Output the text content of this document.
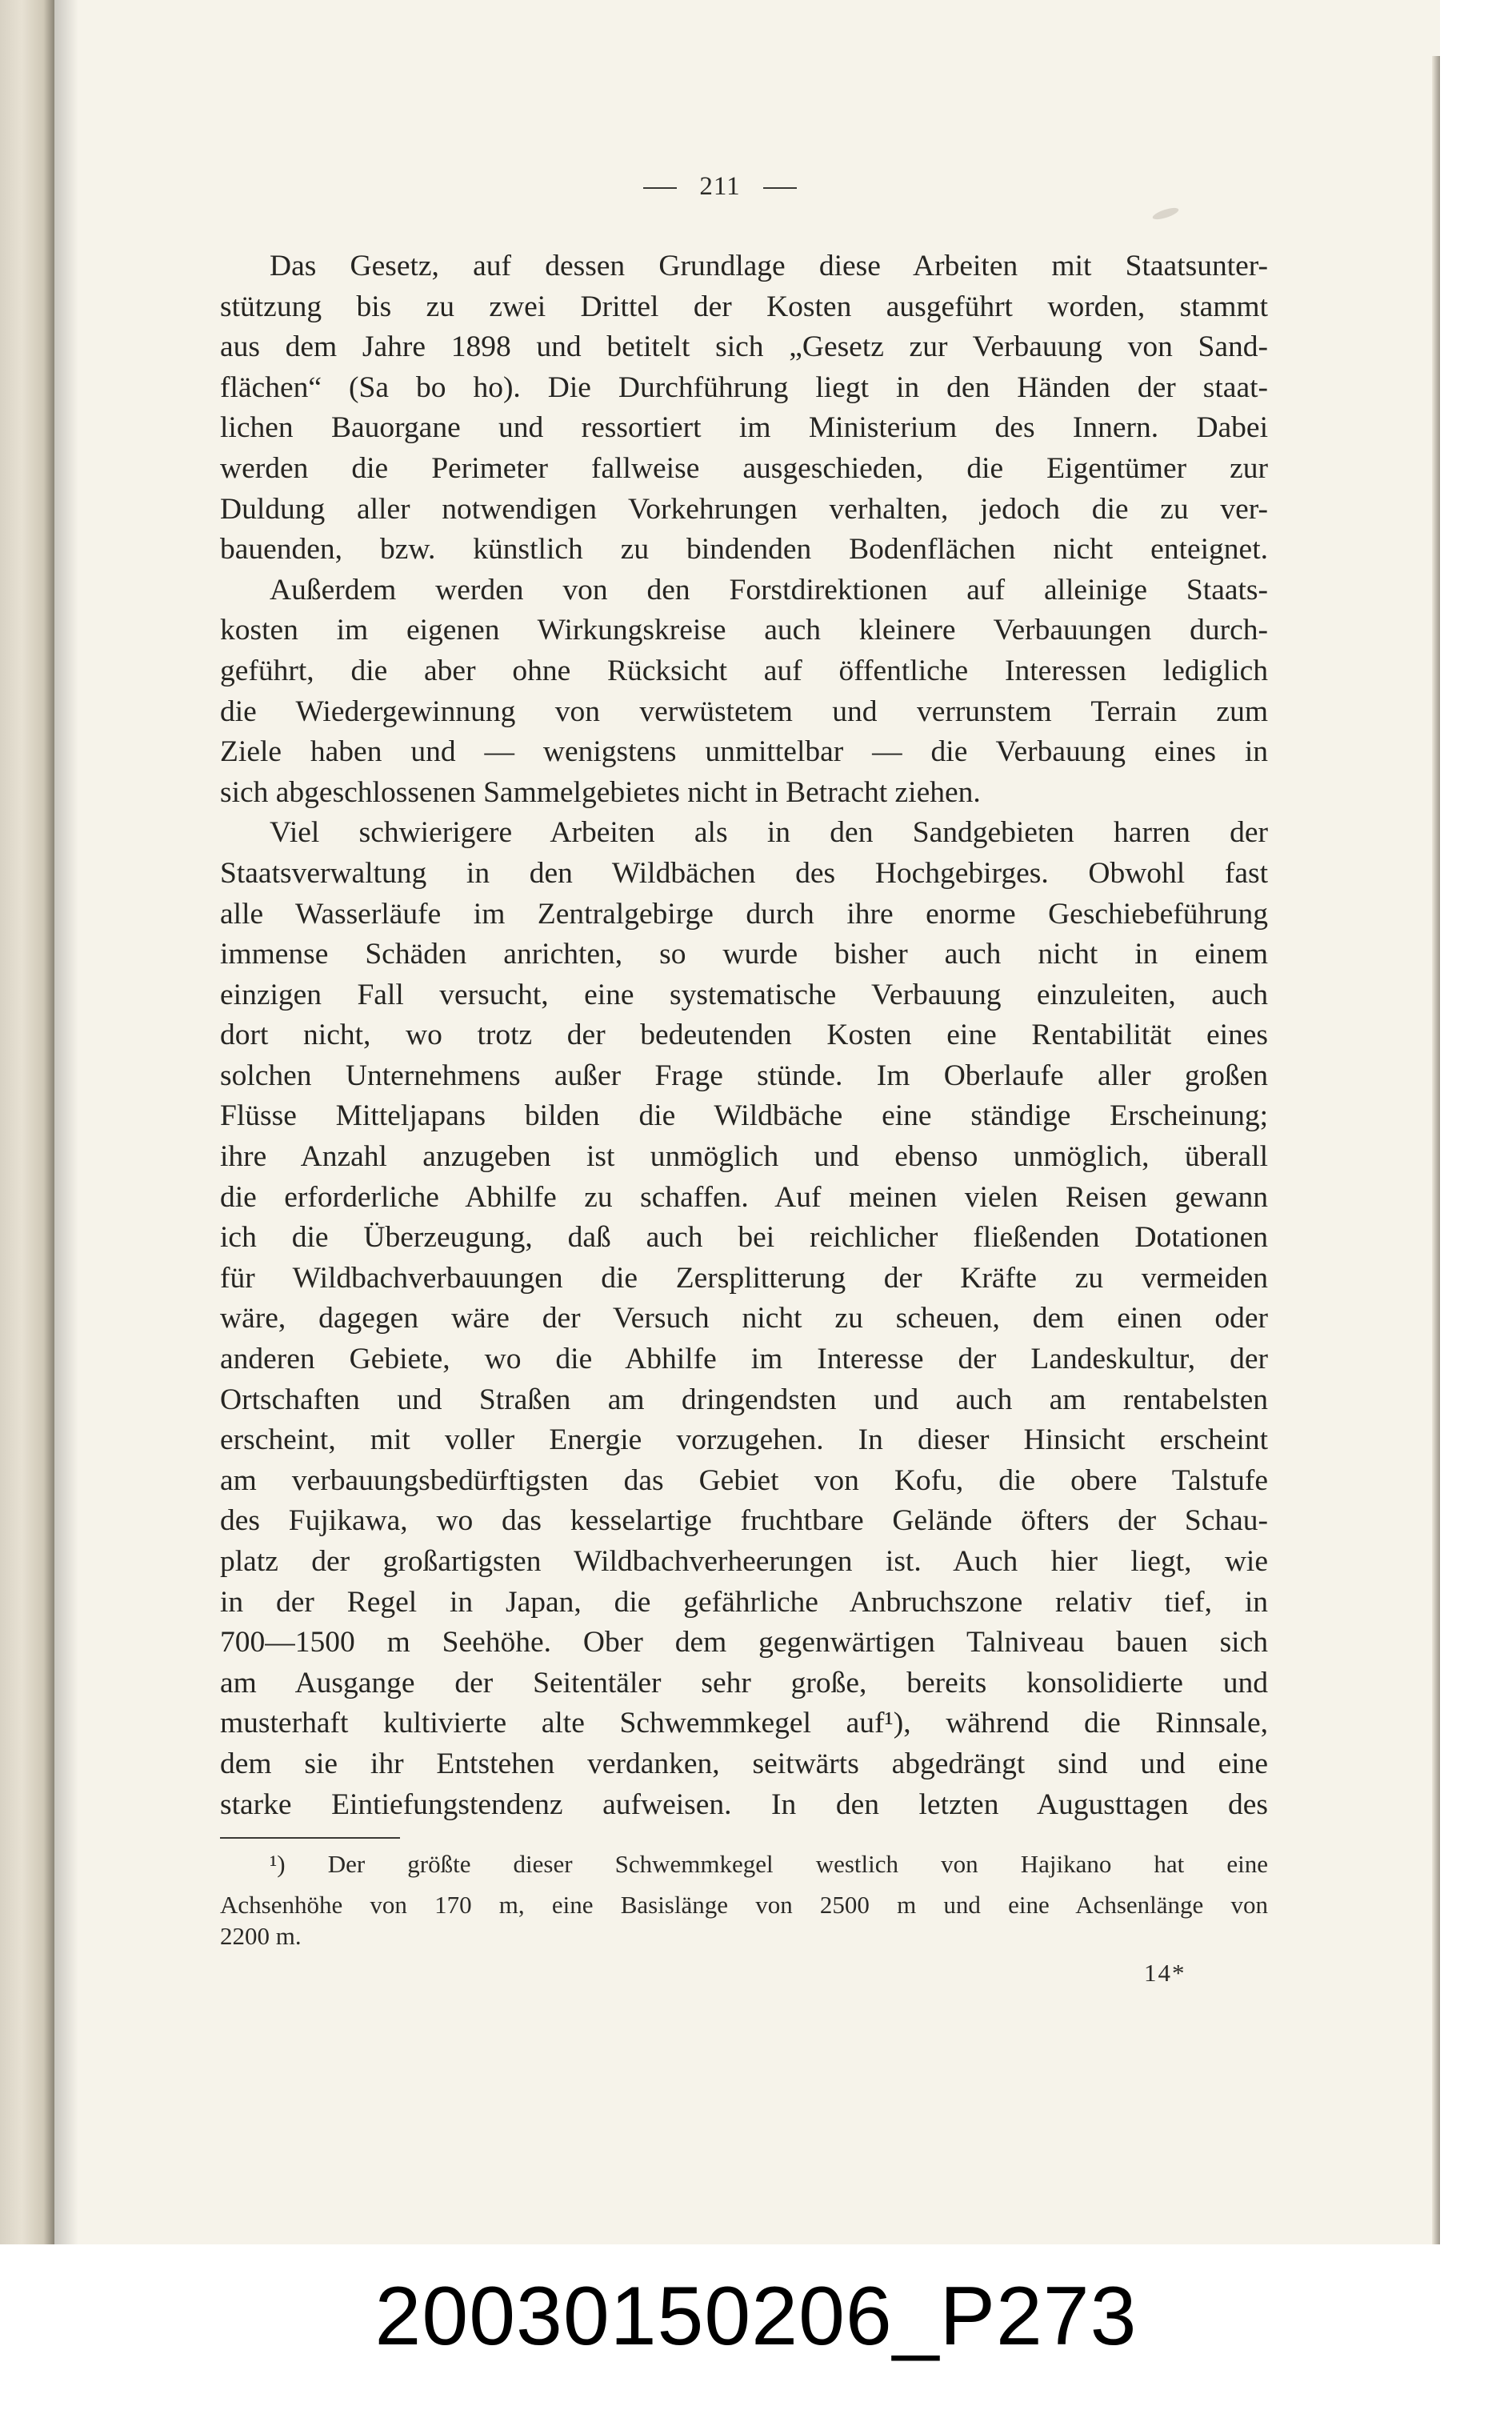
211
Das Gesetz, auf dessen Grundlage diese Arbeiten mit Staatsunter-
stützung bis zu zwei Drittel der Kosten ausgeführt worden, stammt
aus dem Jahre 1898 und betitelt sich „Gesetz zur Verbauung von Sand-
flächen“ (Sa bo ho). Die Durchführung liegt in den Händen der staat-
lichen Bauorgane und ressortiert im Ministerium des Innern. Dabei
werden die Perimeter fallweise ausgeschieden, die Eigentümer zur
Duldung aller notwendigen Vorkehrungen verhalten, jedoch die zu ver-
bauenden, bzw. künstlich zu bindenden Bodenflächen nicht enteignet.
Außerdem werden von den Forstdirektionen auf alleinige Staats-
kosten im eigenen Wirkungskreise auch kleinere Verbauungen durch-
geführt, die aber ohne Rücksicht auf öffentliche Interessen lediglich
die Wiedergewinnung von verwüstetem und verrunstem Terrain zum
Ziele haben und — wenigstens unmittelbar — die Verbauung eines in
sich abgeschlossenen Sammelgebietes nicht in Betracht ziehen.
Viel schwierigere Arbeiten als in den Sandgebieten harren der
Staatsverwaltung in den Wildbächen des Hochgebirges. Obwohl fast
alle Wasserläufe im Zentralgebirge durch ihre enorme Geschiebeführung
immense Schäden anrichten, so wurde bisher auch nicht in einem
einzigen Fall versucht, eine systematische Verbauung einzuleiten, auch
dort nicht, wo trotz der bedeutenden Kosten eine Rentabilität eines
solchen Unternehmens außer Frage stünde. Im Oberlaufe aller großen
Flüsse Mitteljapans bilden die Wildbäche eine ständige Erscheinung;
ihre Anzahl anzugeben ist unmöglich und ebenso unmöglich, überall
die erforderliche Abhilfe zu schaffen. Auf meinen vielen Reisen gewann
ich die Überzeugung, daß auch bei reichlicher fließenden Dotationen
für Wildbachverbauungen die Zersplitterung der Kräfte zu vermeiden
wäre, dagegen wäre der Versuch nicht zu scheuen, dem einen oder
anderen Gebiete, wo die Abhilfe im Interesse der Landeskultur, der
Ortschaften und Straßen am dringendsten und auch am rentabelsten
erscheint, mit voller Energie vorzugehen. In dieser Hinsicht erscheint
am verbauungsbedürftigsten das Gebiet von Kofu, die obere Talstufe
des Fujikawa, wo das kesselartige fruchtbare Gelände öfters der Schau-
platz der großartigsten Wildbachverheerungen ist. Auch hier liegt, wie
in der Regel in Japan, die gefährliche Anbruchszone relativ tief, in
700—1500 m Seehöhe. Ober dem gegenwärtigen Talniveau bauen sich
am Ausgange der Seitentäler sehr große, bereits konsolidierte und
musterhaft kultivierte alte Schwemmkegel auf¹), während die Rinnsale,
dem sie ihr Entstehen verdanken, seitwärts abgedrängt sind und eine
starke Eintiefungstendenz aufweisen. In den letzten Augusttagen des
¹) Der größte dieser Schwemmkegel westlich von Hajikano hat eine
Achsenhöhe von 170 m, eine Basislänge von 2500 m und eine Achsenlänge von
2200 m.
14*
20030150206_P273
